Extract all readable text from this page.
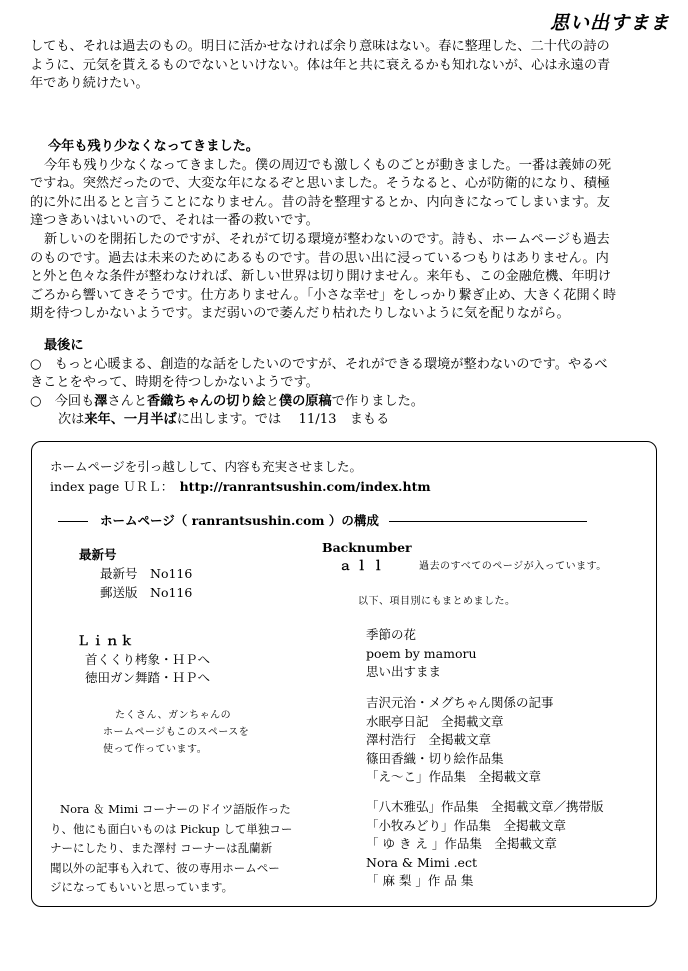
思い出すまま

しても、それは過去のもの。明日に活かせなければ余り意味はない。春に整理した、二十代の詩の

ように、元気を貰えるものでないといけない。体は年と共に衰えるかも知れないが、心は永遠の青

年であり続けたい。

今年も残り少なくなってきました。

今年も残り少なくなってきました。僕の周辺でも激しくものごとが動きました。一番は義姉の死

ですね。突然だったので、大変な年になるぞと思いました。そうなると、心が防衛的になり、積極

的に外に出るとと言うことになりません。昔の詩を整理するとか、内向きになってしまいます。友

達つきあいはいいので、それは一番の救いです。

新しいのを開拓したのですが、それがて切る環境が整わないのです。詩も、ホームページも過去

のものです。過去は未来のためにあるものです。昔の思い出に浸っているつもりはありません。内

と外と色々な条件が整わなければ、新しい世界は切り開けません。来年も、この金融危機、年明け

ごろから響いてきそうです。仕方ありません。「小さな幸せ」をしっかり繋ぎ止め、大きく花開く時

期を待つしかないようです。まだ弱いので萎んだり枯れたりしないように気を配りながら。

最後に

○　 もっと心暖まる、創造的な話をしたいのですが、それができる環境が整わないのです。やるべ

きことをやって、時期を待つしかないようです。

○　 今回も澤さんと香織ちゃんの切り絵と僕の原稿で作りました。

次は来年、一月半ばに出します。では　 11/13　まもる

ホームページを引っ越しして、内容も充実させました。
index page ＵＲＬ：　 http://ranrantsushin.com/index.htm
ホームページ（ ranrantsushin.com ）の構成
最新号
最新号　No116
郵送版　No116
Backnumber
ａｌｌ	過去のすべてのページが入っています。
以下、項目別にもまとめました。
Ｌｉｎｋ
首くくり栲象・ＨＰへ
徳田ガン舞踏・ＨＰへ
たくさん、ガンちゃんの
ホームページもこのスペースを
使って作っています。
季節の花
poem by mamoru
思い出すまま
吉沢元治・メグちゃん関係の記事
水眠亭日記　全掲載文章
澤村浩行　全掲載文章
篠田香織・切り絵作品集
「え～こ」作品集　全掲載文章
「八木雅弘」作品集　全掲載文章／携帯版
「小牧みどり」作品集　全掲載文章
「 ゆ き え 」作品集　全掲載文章
Nora & Mimi .ect
「 麻 梨 」作 品 集
Nora ＆ Mimi コーナーのドイツ語版作った
り、他にも面白いものは Pickup して単独コー
ナーにしたり、また澤村 コーナーは乱蘭新
聞以外の記事も入れて、彼の専用ホームペー
ジになってもいいと思っています。
